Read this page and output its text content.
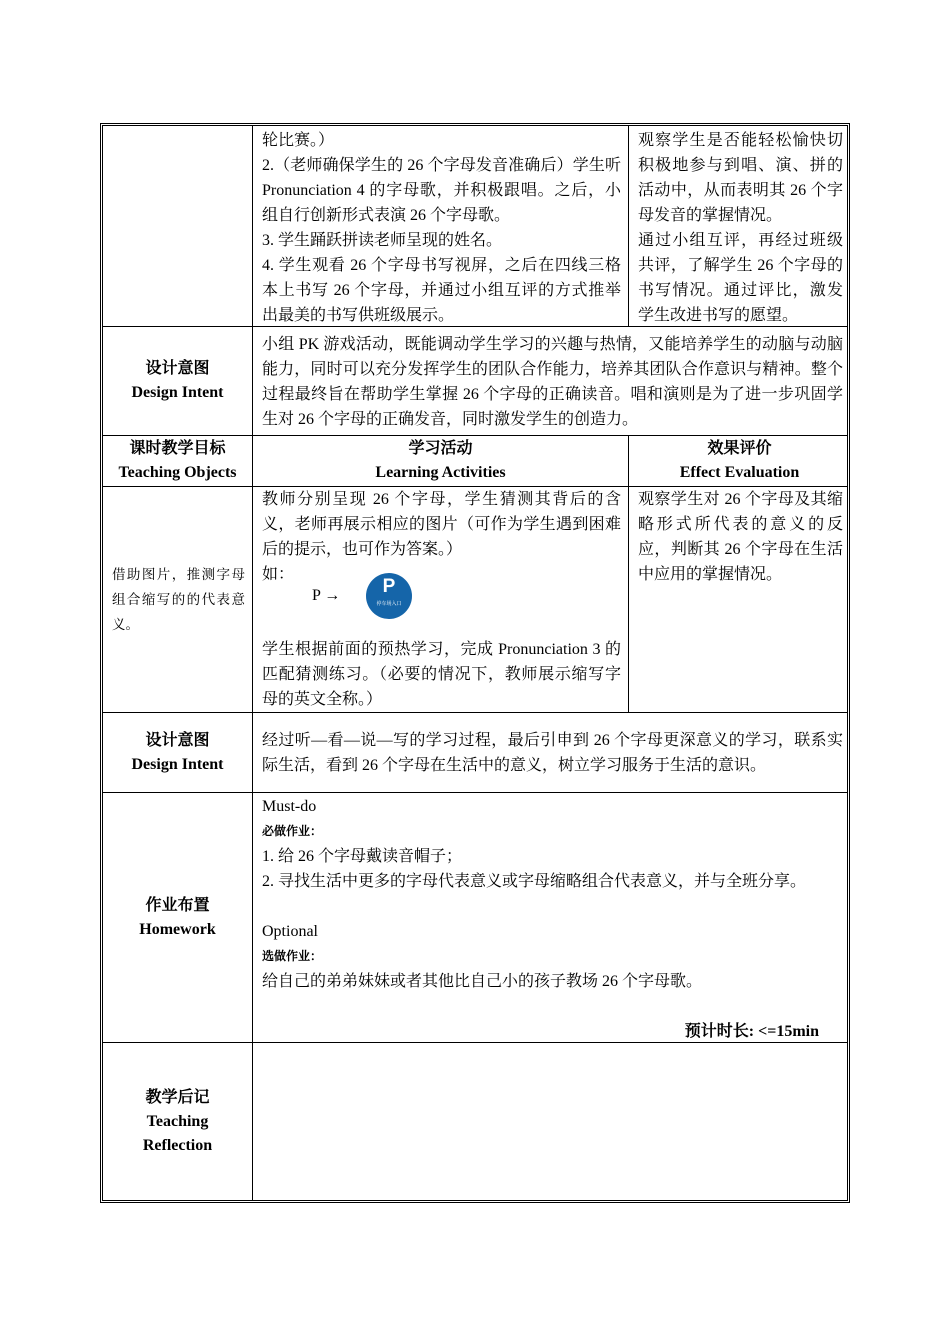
轮比赛。）

2.（老师确保学生的 26 个字母发音准确后）学生听 Pronunciation 4 的字母歌，并积极跟唱。之后，小组自行创新形式表演 26 个字母歌。

3. 学生踊跃拼读老师呈现的姓名。

4. 学生观看 26 个字母书写视屏，之后在四线三格本上书写 26 个字母，并通过小组互评的方式推举出最美的书写供班级展示。

观察学生是否能轻松愉快切积极地参与到唱、演、拼的活动中，从而表明其 26 个字母发音的掌握情况。

通过小组互评，再经过班级共评，了解学生 26 个字母的书写情况。通过评比，激发学生改进书写的愿望。

设计意图
Design Intent

小组 PK 游戏活动，既能调动学生学习的兴趣与热情，又能培养学生的动脑与动脑能力，同时可以充分发挥学生的团队合作能力，培养其团队合作意识与精神。整个过程最终旨在帮助学生掌握 26 个字母的正确读音。唱和演则是为了进一步巩固学生对 26 个字母的正确发音，同时激发学生的创造力。

课时教学目标
Teaching Objects
学习活动
Learning Activities
效果评价
Effect Evaluation
借助图片，推测字母组合缩写的的代表意义。

教师分别呈现 26 个字母，学生猜测其背后的含义，老师再展示相应的图片（可作为学生遇到困难后的提示，也可作为答案。）

如：

P →	P
停车场入口

学生根据前面的预热学习，完成 Pronunciation 3 的匹配猜测练习。（必要的情况下，教师展示缩写字母的英文全称。）

观察学生对 26 个字母及其缩略形式所代表的意义的反应，判断其 26 个字母在生活中应用的掌握情况。

设计意图
Design Intent

经过听—看—说—写的学习过程，最后引申到 26 个字母更深意义的学习，联系实际生活，看到 26 个字母在生活中的意义，树立学习服务于生活的意识。

作业布置
Homework

Must-do

必做作业：

1. 给 26 个字母戴读音帽子；

2. 寻找生活中更多的字母代表意义或字母缩略组合代表意义，并与全班分享。

Optional

选做作业：

给自己的弟弟妹妹或者其他比自己小的孩子教场 26 个字母歌。

预计时长: <=15min

教学后记
Teaching
Reflection
